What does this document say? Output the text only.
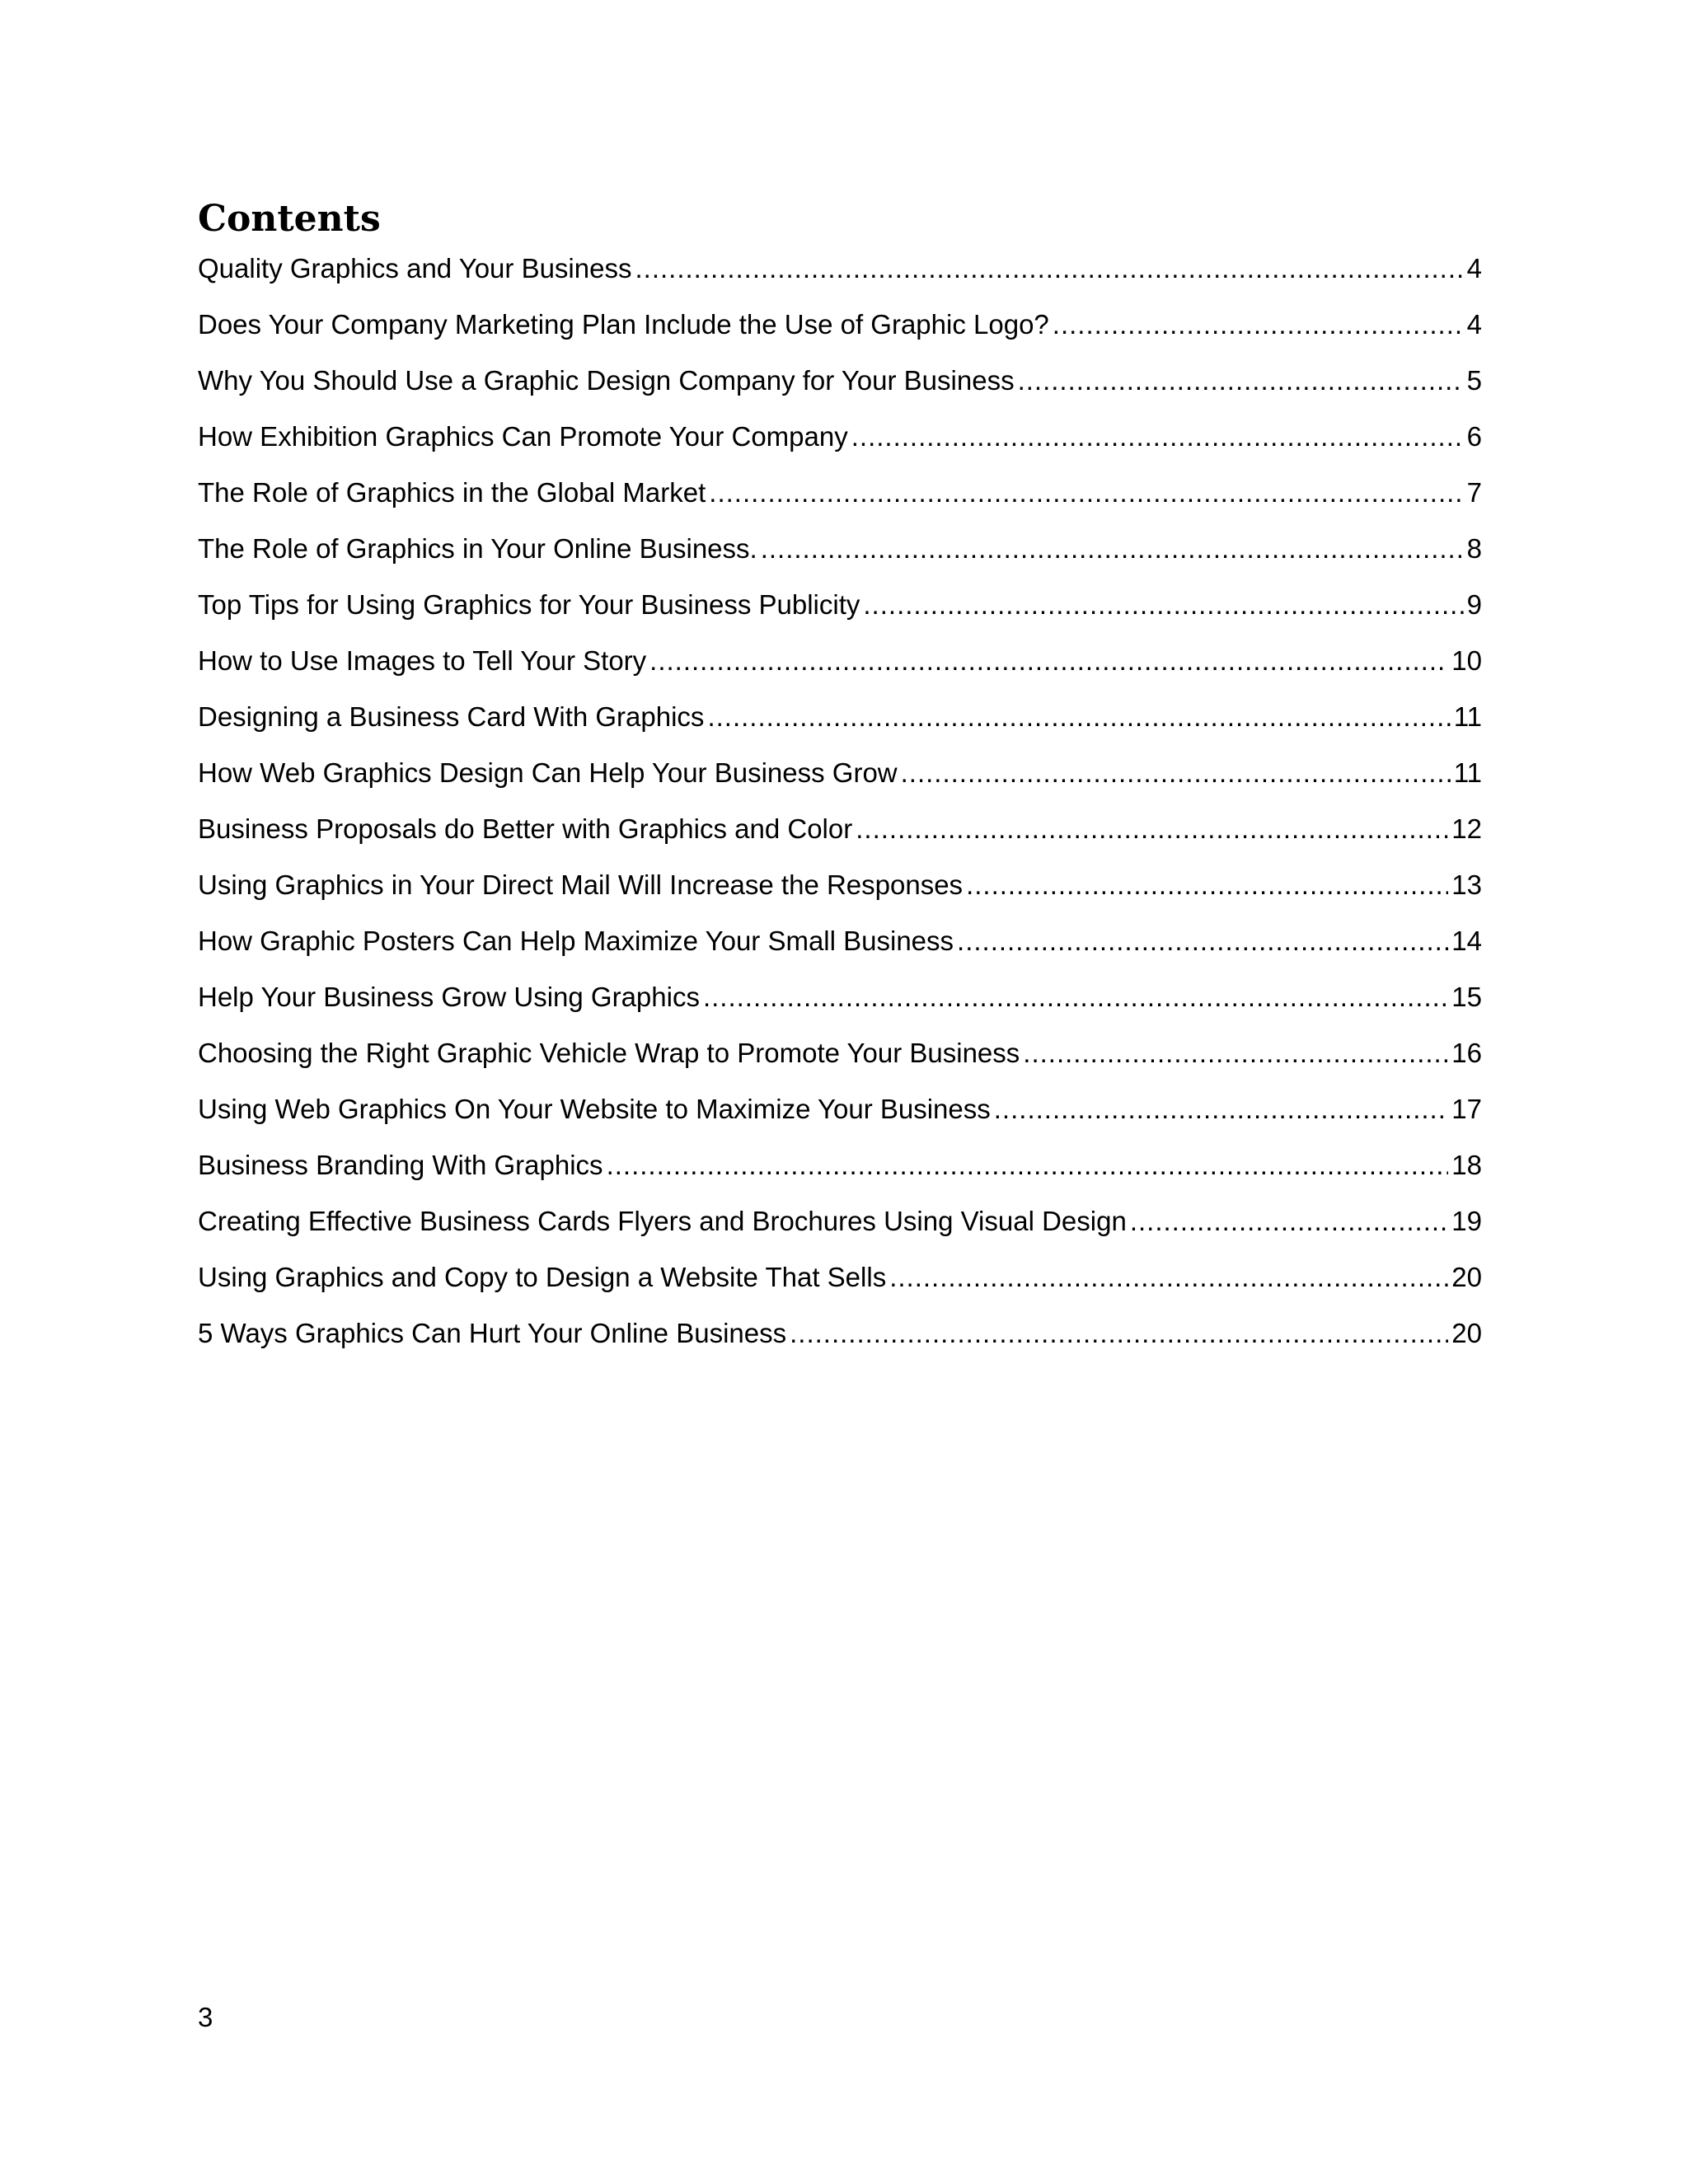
Contents
Quality Graphics and Your Business .....	4
Does Your Company Marketing Plan Include the Use of Graphic Logo? .....	4
Why You Should Use a Graphic Design Company for Your Business .....	5
How Exhibition Graphics Can Promote Your Company .....	6
The Role of Graphics in the Global Market .....	7
The Role of Graphics in Your Online Business. .....	8
Top Tips for Using Graphics for Your Business Publicity .....	9
How to Use Images to Tell Your Story .....	10
Designing a Business Card With Graphics .....	11
How Web Graphics Design Can Help Your Business Grow .....	11
Business Proposals do Better with Graphics and Color .....	12
Using Graphics in Your Direct Mail Will Increase the Responses .....	13
How Graphic Posters Can Help Maximize Your Small Business .....	14
Help Your Business Grow Using Graphics .....	15
Choosing the Right Graphic Vehicle Wrap to Promote Your Business .....	16
Using Web Graphics On Your Website to Maximize Your Business .....	17
Business Branding With Graphics .....	18
Creating Effective Business Cards Flyers and Brochures Using Visual Design .....	19
Using Graphics and Copy to Design a Website That Sells .....	20
5 Ways Graphics Can Hurt Your Online Business .....	20
3
